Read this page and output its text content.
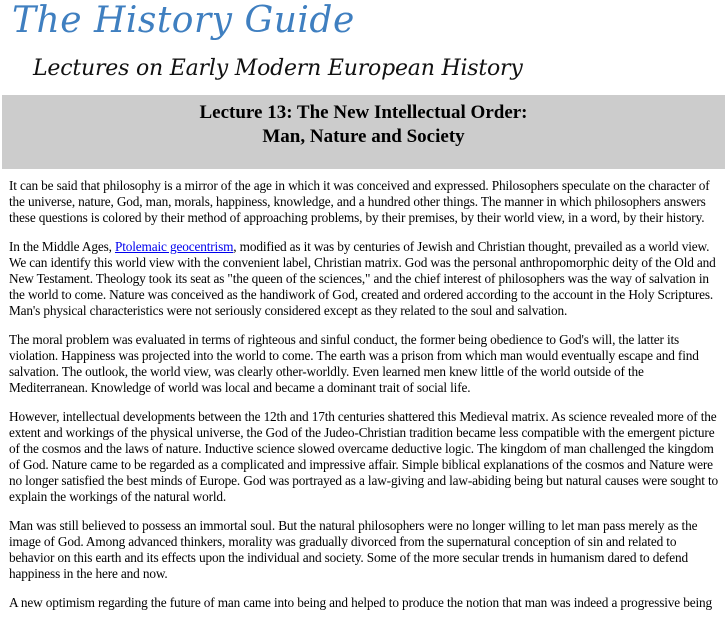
The History Guide
Lectures on Early Modern European History
Lecture 13: The New Intellectual Order:
Man, Nature and Society

It can be said that philosophy is a mirror of the age in which it was conceived and expressed. Philosophers speculate on the character of the universe, nature, God, man, morals, happiness, knowledge, and a hundred other things. The manner in which philosophers answers these questions is colored by their method of approaching problems, by their premises, by their world view, in a word, by their history.

In the Middle Ages, Ptolemaic geocentrism, modified as it was by centuries of Jewish and Christian thought, prevailed as a world view. We can identify this world view with the convenient label, Christian matrix. God was the personal anthropomorphic deity of the Old and New Testament. Theology took its seat as "the queen of the sciences," and the chief interest of philosophers was the way of salvation in the world to come. Nature was conceived as the handiwork of God, created and ordered according to the account in the Holy Scriptures. Man's physical characteristics were not seriously considered except as they related to the soul and salvation.

The moral problem was evaluated in terms of righteous and sinful conduct, the former being obedience to God's will, the latter its violation. Happiness was projected into the world to come. The earth was a prison from which man would eventually escape and find salvation. The outlook, the world view, was clearly other-worldly. Even learned men knew little of the world outside of the Mediterranean. Knowledge of world was local and became a dominant trait of social life.

However, intellectual developments between the 12th and 17th centuries shattered this Medieval matrix. As science revealed more of the extent and workings of the physical universe, the God of the Judeo-Christian tradition became less compatible with the emergent picture of the cosmos and the laws of nature. Inductive science slowed overcame deductive logic. The kingdom of man challenged the kingdom of God. Nature came to be regarded as a complicated and impressive affair. Simple biblical explanations of the cosmos and Nature were no longer satisfied the best minds of Europe. God was portrayed as a law-giving and law-abiding being but natural causes were sought to explain the workings of the natural world.

Man was still believed to possess an immortal soul. But the natural philosophers were no longer willing to let man pass merely as the image of God. Among advanced thinkers, morality was gradually divorced from the supernatural conception of sin and related to behavior on this earth and its effects upon the individual and society. Some of the more secular trends in humanism dared to defend happiness in the here and now.

A new optimism regarding the future of man came into being and helped to produce the notion that man was indeed a progressive being
